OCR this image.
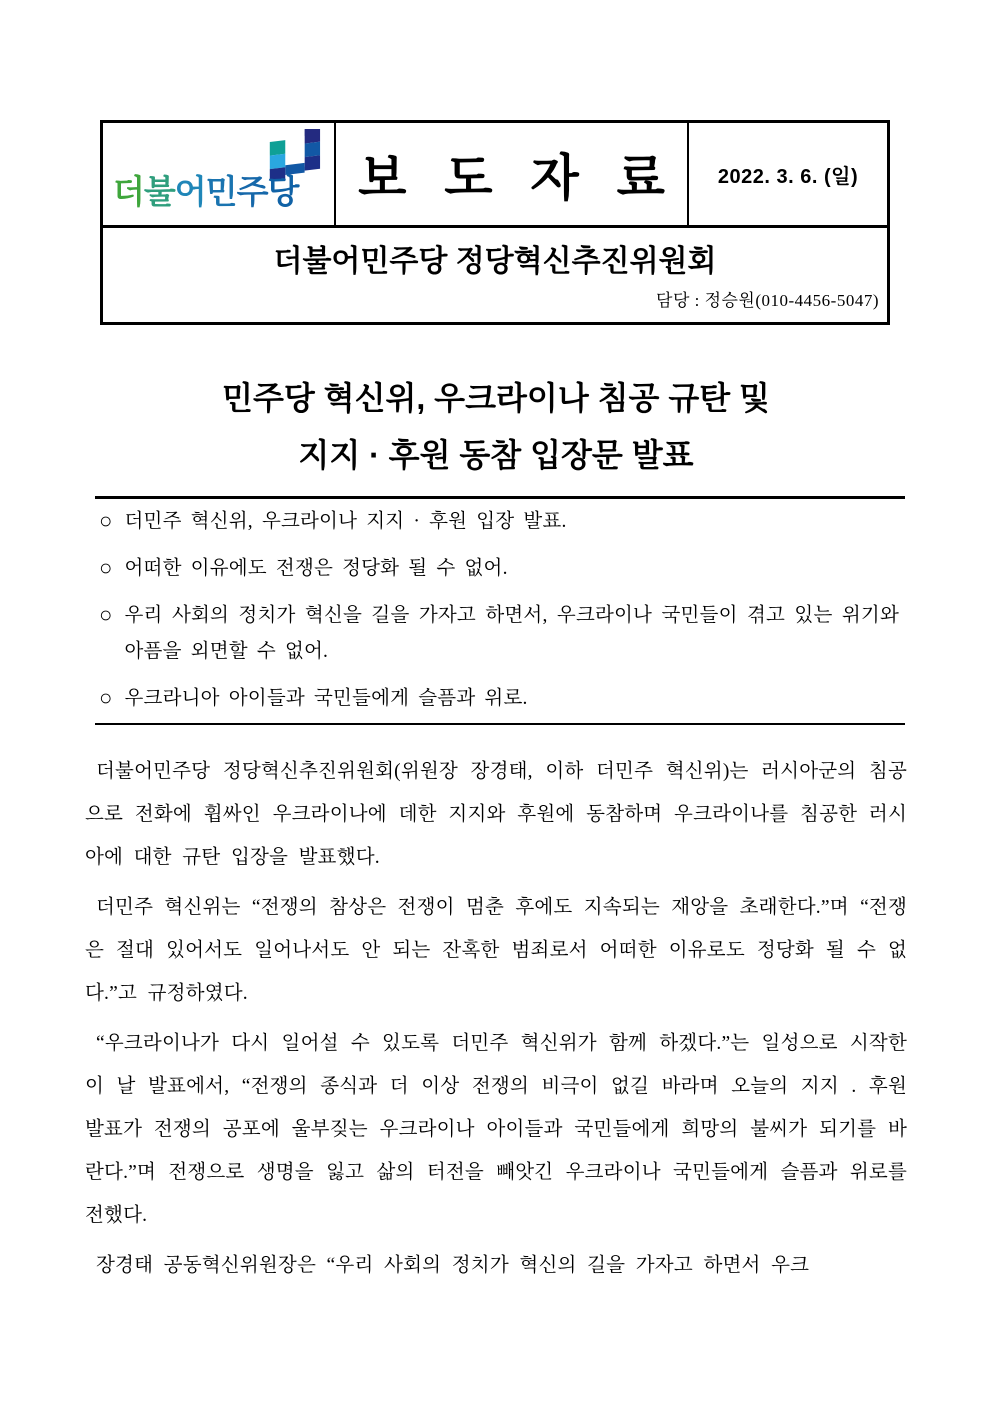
더불어민주당	보 도 자 료	2022. 3. 6. (일)
더불어민주당 정당혁신추진위원회
담당 : 정승원(010-4456-5047)
민주당 혁신위, 우크라이나 침공 규탄 및
지지 · 후원 동참 입장문 발표
○ 더민주 혁신위, 우크라이나 지지 · 후원 입장 발표.
○ 어떠한 이유에도 전쟁은 정당화 될 수 없어.
○ 우리 사회의 정치가 혁신을 길을 가자고 하면서, 우크라이나 국민들이 겪고 있는 위기와 아픔을 외면할 수 없어.
○ 우크라니아 아이들과 국민들에게 슬픔과 위로.

더불어민주당 정당혁신추진위원회(위원장 장경태, 이하 더민주 혁신위)는 러시아군의 침공으로 전화에 휩싸인 우크라이나에 데한 지지와 후원에 동참하며 우크라이나를 침공한 러시아에 대한 규탄 입장을 발표했다.

더민주 혁신위는 “전쟁의 참상은 전쟁이 멈춘 후에도 지속되는 재앙을 초래한다.”며 “전쟁은 절대 있어서도 일어나서도 안 되는 잔혹한 범죄로서 어떠한 이유로도 정당화 될 수 없다.”고 규정하였다.

“우크라이나가 다시 일어설 수 있도록 더민주 혁신위가 함께 하겠다.”는 일성으로 시작한 이 날 발표에서, “전쟁의 종식과 더 이상 전쟁의 비극이 없길 바라며 오늘의 지지 . 후원 발표가 전쟁의 공포에 울부짖는 우크라이나 아이들과 국민들에게 희망의 불씨가 되기를 바란다.”며 전쟁으로 생명을 잃고 삶의 터전을 빼앗긴 우크라이나 국민들에게 슬픔과 위로를 전했다.

장경태 공동혁신위원장은 “우리 사회의 정치가 혁신의 길을 가자고 하면서 우크
